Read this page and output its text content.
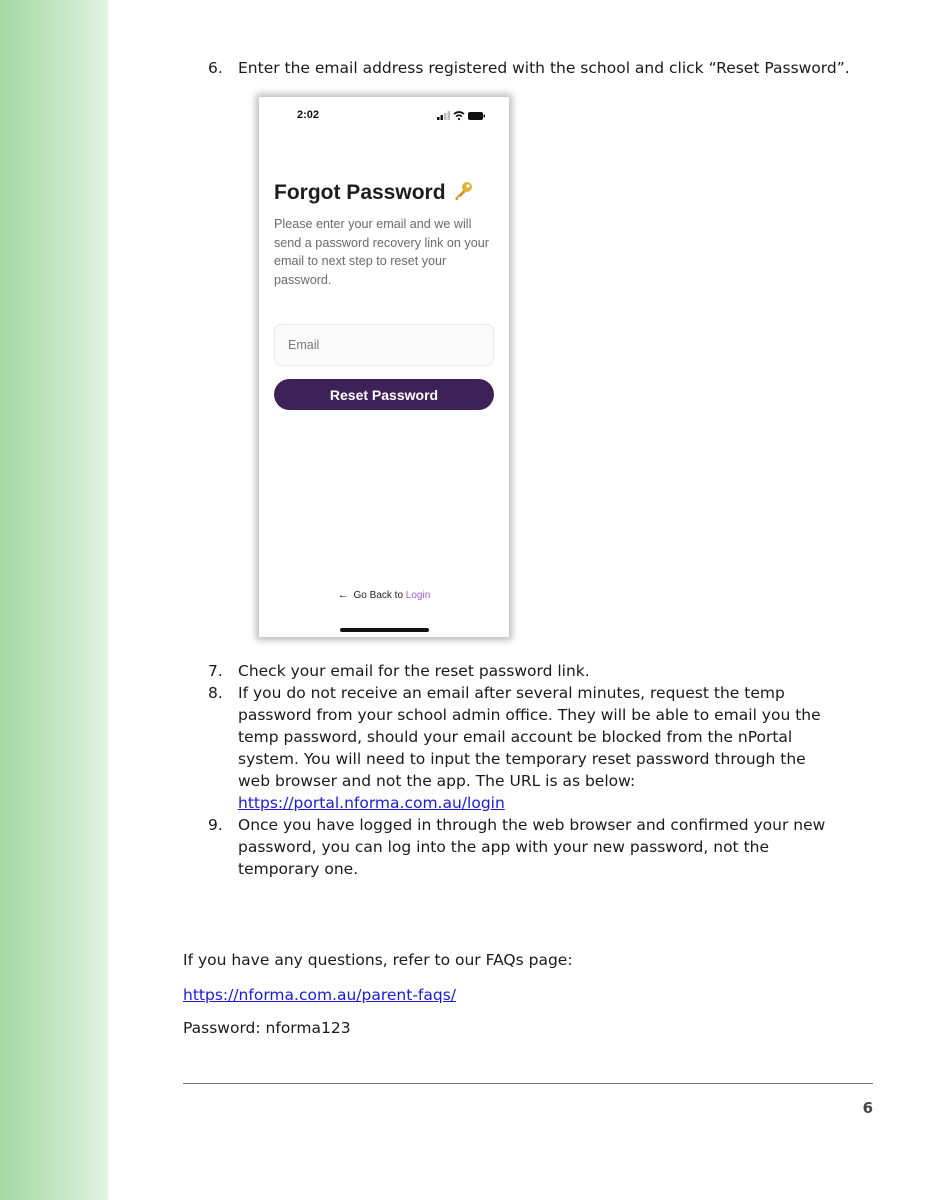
6. Enter the email address registered with the school and click “Reset Password”.
2:02
Forgot Password
Please enter your email and we will send a password recovery link on your email to next step to reset your password.
Email
Reset Password
← Go Back to Login
7. Check your email for the reset password link.
8. If you do not receive an email after several minutes, request the temp password from your school admin office. They will be able to email you the temp password, should your email account be blocked from the nPortal system. You will need to input the temporary reset password through the web browser and not the app. The URL is as below:
https://portal.nforma.com.au/login
9. Once you have logged in through the web browser and confirmed your new password, you can log into the app with your new password, not the temporary one.
If you have any questions, refer to our FAQs page:
https://nforma.com.au/parent-faqs/
Password: nforma123
6
